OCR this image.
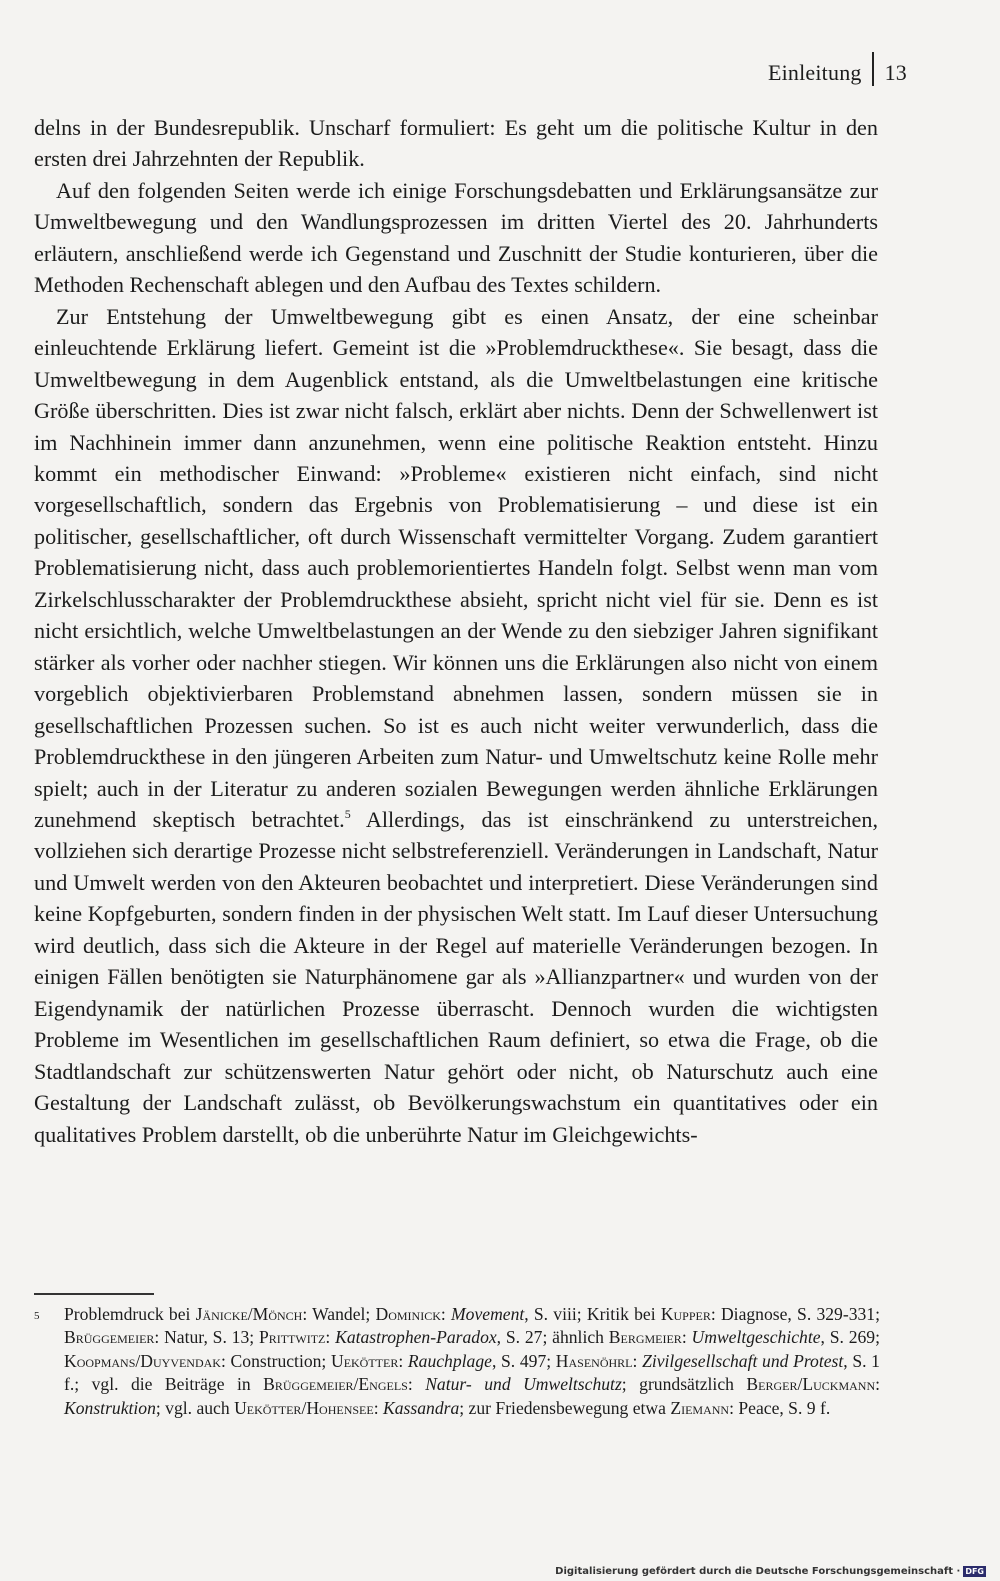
Einleitung 13

delns in der Bundesrepublik. Unscharf formuliert: Es geht um die politische Kultur in den ersten drei Jahrzehnten der Republik.

Auf den folgenden Seiten werde ich einige Forschungsdebatten und Erklärungsansätze zur Umweltbewegung und den Wandlungsprozessen im dritten Viertel des 20. Jahrhunderts erläutern, anschließend werde ich Gegenstand und Zuschnitt der Studie konturieren, über die Methoden Rechenschaft ablegen und den Aufbau des Textes schildern.

Zur Entstehung der Umweltbewegung gibt es einen Ansatz, der eine scheinbar einleuchtende Erklärung liefert. Gemeint ist die »Problemdruckthese«. Sie besagt, dass die Umweltbewegung in dem Augenblick entstand, als die Umweltbelastungen eine kritische Größe überschritten. Dies ist zwar nicht falsch, erklärt aber nichts. Denn der Schwellenwert ist im Nachhinein immer dann anzunehmen, wenn eine politische Reaktion entsteht. Hinzu kommt ein methodischer Einwand: »Probleme« existieren nicht einfach, sind nicht vorgesellschaftlich, sondern das Ergebnis von Problematisierung – und diese ist ein politischer, gesellschaftlicher, oft durch Wissenschaft vermittelter Vorgang. Zudem garantiert Problematisierung nicht, dass auch problemorientiertes Handeln folgt. Selbst wenn man vom Zirkelschlusscharakter der Problemdruckthese absieht, spricht nicht viel für sie. Denn es ist nicht ersichtlich, welche Umweltbelastungen an der Wende zu den siebziger Jahren signifikant stärker als vorher oder nachher stiegen. Wir können uns die Erklärungen also nicht von einem vorgeblich objektivierbaren Problemstand abnehmen lassen, sondern müssen sie in gesellschaftlichen Prozessen suchen. So ist es auch nicht weiter verwunderlich, dass die Problemdruckthese in den jüngeren Arbeiten zum Natur- und Umweltschutz keine Rolle mehr spielt; auch in der Literatur zu anderen sozialen Bewegungen werden ähnliche Erklärungen zunehmend skeptisch betrachtet.$^5$ Allerdings, das ist einschränkend zu unterstreichen, vollziehen sich derartige Prozesse nicht selbstreferenziell. Veränderungen in Landschaft, Natur und Umwelt werden von den Akteuren beobachtet und interpretiert. Diese Veränderungen sind keine Kopfgeburten, sondern finden in der physischen Welt statt. Im Lauf dieser Untersuchung wird deutlich, dass sich die Akteure in der Regel auf materielle Veränderungen bezogen. In einigen Fällen benötigten sie Naturphänomene gar als »Allianzpartner« und wurden von der Eigendynamik der natürlichen Prozesse überrascht. Dennoch wurden die wichtigsten Probleme im Wesentlichen im gesellschaftlichen Raum definiert, so etwa die Frage, ob die Stadtlandschaft zur schützenswerten Natur gehört oder nicht, ob Naturschutz auch eine Gestaltung der Landschaft zulässt, ob Bevölkerungswachstum ein quantitatives oder ein qualitatives Problem darstellt, ob die unberührte Natur im Gleichgewichts-

5	Problemdruck bei Jänicke/Mönch: Wandel; Dominick: Movement, S. viii; Kritik bei Kupper: Diagnose, S. 329-331; Brüggemeier: Natur, S. 13; Prittwitz: Katastrophen-Paradox, S. 27; ähnlich Bergmeier: Umweltgeschichte, S. 269; Koopmans/Duyvendak: Construction; Uekötter: Rauchplage, S. 497; Hasenöhrl: Zivilgesellschaft und Protest, S. 1 f.; vgl. die Beiträge in Brüggemeier/Engels: Natur- und Umweltschutz; grundsätzlich Berger/Luckmann: Konstruktion; vgl. auch Uekötter/Hohensee: Kassandra; zur Friedensbewegung etwa Ziemann: Peace, S. 9 f.
Digitalisierung gefördert durch die Deutsche Forschungsgemeinschaft · DFG
